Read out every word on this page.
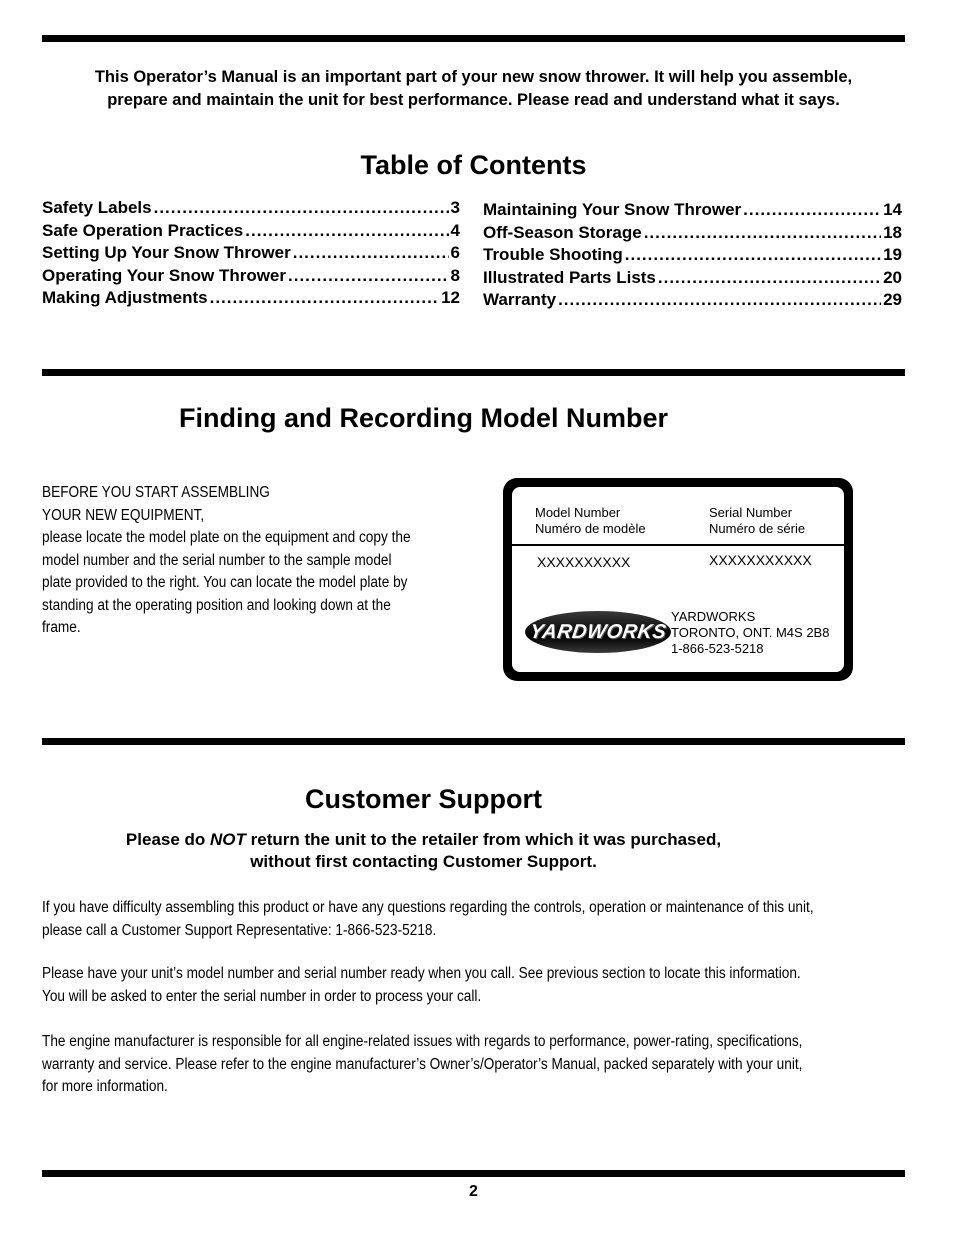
This Operator’s Manual is an important part of your new snow thrower. It will help you assemble,
prepare and maintain the unit for best performance. Please read and understand what it says.
Table of Contents
Safety Labels .....	3
Safe Operation Practices .....	4
Setting Up Your Snow Thrower .....	6
Operating Your Snow Thrower .....	8
Making Adjustments .....	12
Maintaining Your Snow Thrower .....	14
Off-Season Storage .....	18
Trouble Shooting .....	19
Illustrated Parts Lists .....	20
Warranty .....	29
Finding and Recording Model Number
BEFORE YOU START ASSEMBLING
YOUR NEW EQUIPMENT,
please locate the model plate on the equipment and copy the
model number and the serial number to the sample model
plate provided to the right. You can locate the model plate by
standing at the operating position and looking down at the
frame.
Model Number
Numéro de modèle
Serial Number
Numéro de série
XXXXXXXXXX	XXXXXXXXXXX
YARDWORKS
YARDWORKS
TORONTO, ONT. M4S 2B8
1-866-523-5218
Customer Support
Please do NOT return the unit to the retailer from which it was purchased,
without first contacting Customer Support.
If you have difficulty assembling this product or have any questions regarding the controls, operation or maintenance of this unit,
please call a Customer Support Representative: 1-866-523-5218.
Please have your unit’s model number and serial number ready when you call. See previous section to locate this information.
You will be asked to enter the serial number in order to process your call.
The engine manufacturer is responsible for all engine-related issues with regards to performance, power-rating, specifications,
warranty and service. Please refer to the engine manufacturer’s Owner’s/Operator’s Manual, packed separately with your unit,
for more information.
2
